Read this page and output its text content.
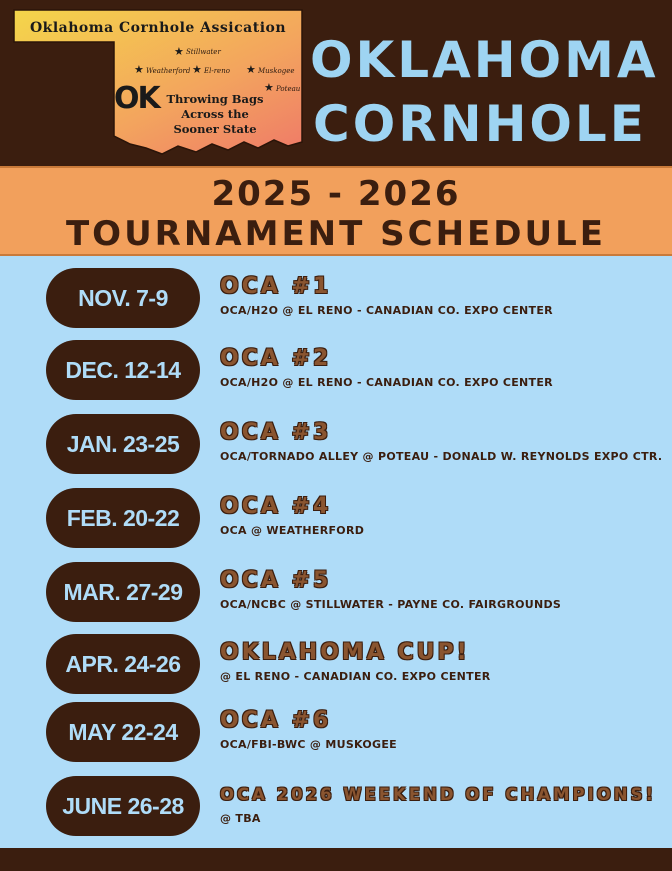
Oklahoma Cornhole Assication
★ Stillwater
★ Weatherford ★ El-reno ★ Muskogee
★ Poteau
OK Throwing Bags
Across the
Sooner State
OKLAHOMA
CORNHOLE
2025 - 2026
TOURNAMENT SCHEDULE
NOV. 7-9	OCA #1
OCA/H2O @ EL RENO - CANADIAN CO. EXPO CENTER
DEC. 12-14	OCA #2
OCA/H2O @ EL RENO - CANADIAN CO. EXPO CENTER
JAN. 23-25	OCA #3
OCA/TORNADO ALLEY @ POTEAU - DONALD W. REYNOLDS EXPO CTR.
FEB. 20-22	OCA #4
OCA @ WEATHERFORD
MAR. 27-29	OCA #5
OCA/NCBC @ STILLWATER - PAYNE CO. FAIRGROUNDS
APR. 24-26	OKLAHOMA CUP!
@ EL RENO - CANADIAN CO. EXPO CENTER
MAY 22-24	OCA #6
OCA/FBI-BWC @ MUSKOGEE
JUNE 26-28	OCA 2026 WEEKEND OF CHAMPIONS!
@ TBA
